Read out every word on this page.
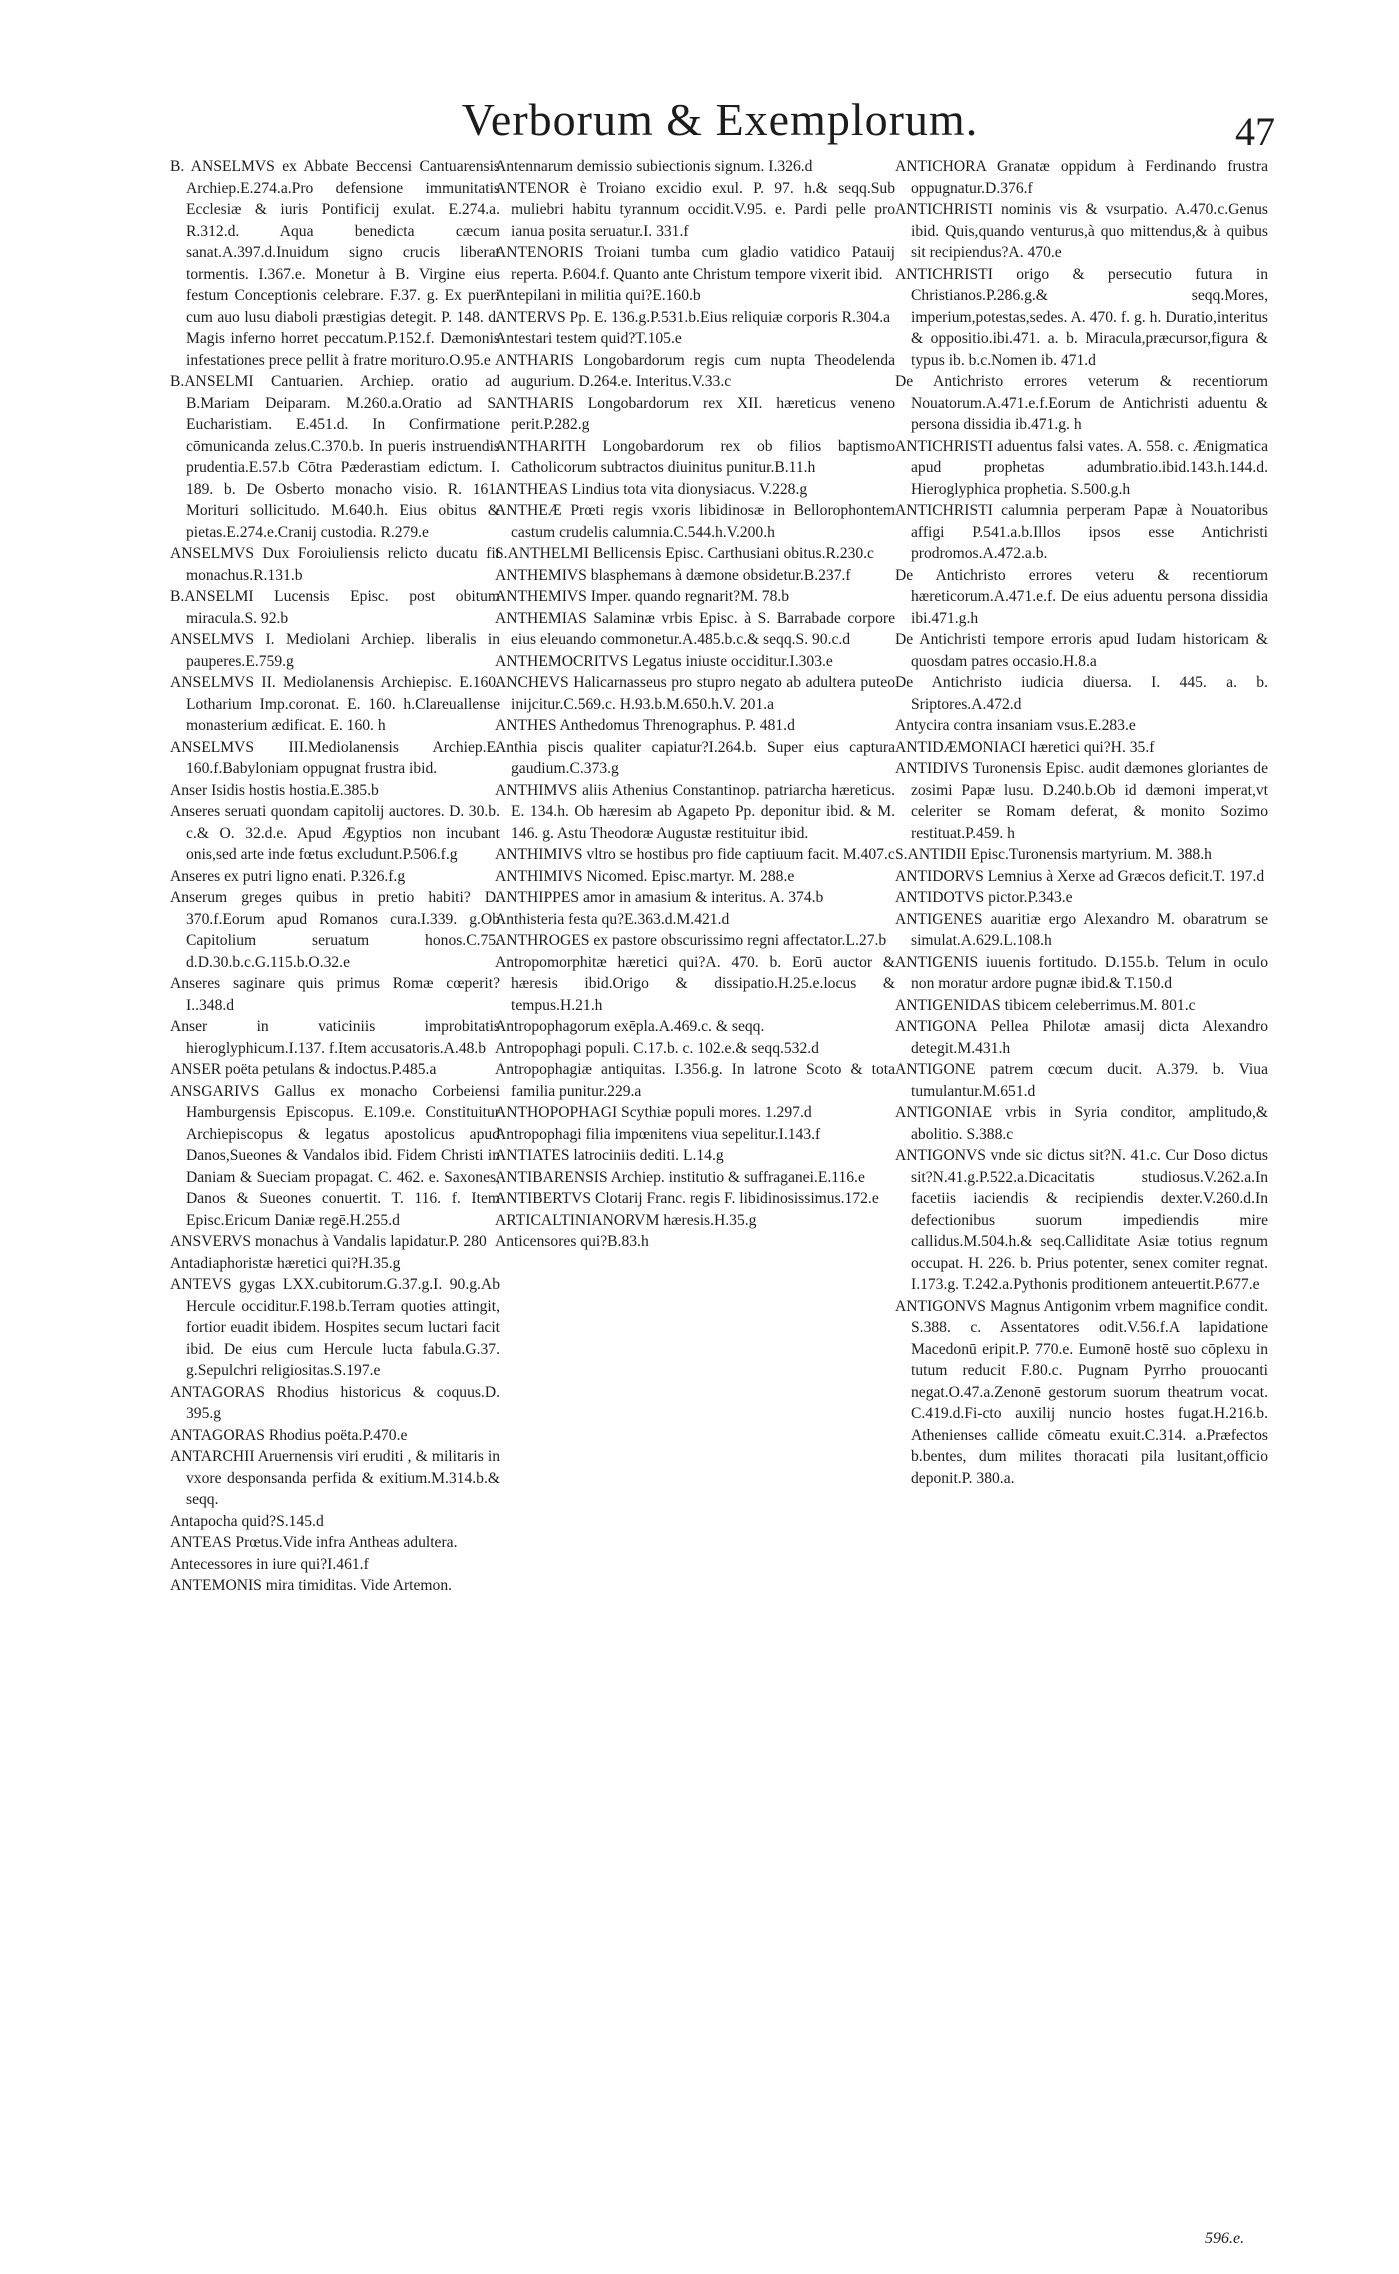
Verborum & Exemplorum.	47

B. ANSELMVS ex Abbate Beccensi Cantuarensis Archiep.E.274.a.Pro defensione immunitatis Ecclesiæ & iuris Pontificij exulat. E.274.a. R.312.d. Aqua benedicta cæcum sanat.A.397.d.Inuidum signo crucis liberat tormentis. I.367.e. Monetur à B. Virgine eius festum Conceptionis celebrare. F.37. g. Ex pueri cum auo lusu diaboli præstigias detegit. P. 148. d. Magis inferno horret peccatum.P.152.f. Dæmonis infestationes prece pellit à fratre morituro.O.95.e

B.ANSELMI Cantuarien. Archiep. oratio ad B.Mariam Deiparam. M.260.a.Oratio ad S. Eucharistiam. E.451.d. In Confirmatione cōmunicanda zelus.C.370.b. In pueris instruendis prudentia.E.57.b Cōtra Pæderastiam edictum. I. 189. b. De Osberto monacho visio. R. 161. Moriturі sollicitudo. M.640.h. Eius obitus & pietas.E.274.e.Cranij custodia. R.279.e

ANSELMVS Dux Foroiuliensis relicto ducatu fit monachus.R.131.b

B.ANSELMI Lucensis Episc. post obitum miracula.S. 92.b

ANSELMVS I. Mediolani Archiep. liberalis in pauperes.E.759.g

ANSELMVS II. Mediolanensis Archiepisc. E.160. Lotharium Imp.coronat. E. 160. h.Clareuallense monasterium ædificat. E. 160. h

ANSELMVS III.Mediolanensis Archiep.E. 160.f.Babyloniam oppugnat frustra ibid.

Anser Isidis hostis hostia.E.385.b

Anseres seruati quondam capitolij auctores. D. 30.b. c.& O. 32.d.e. Apud Ægyptios non incubant onis,sed arte inde fœtus excludunt.P.506.f.g

Anseres ex putri ligno enati. P.326.f.g

Anserum greges quibus in pretio habiti? D. 370.f.Eorum apud Romanos cura.I.339. g.Ob Capitolium seruatum honos.C.75. d.D.30.b.c.G.115.b.O.32.e

Anseres saginare quis primus Romæ cœperit?I..348.d

Anser in vaticiniis improbitatis hieroglyphicum.I.137. f.Item accusatoris.A.48.b

ANSER poëta petulans & indoctus.P.485.a

ANSGARIVS Gallus ex monacho Corbeiensi Hamburgensis Episcopus. E.109.e. Constituitur Archiepiscopus & legatus apostolicus apud Danos,Sueones & Vandalos ibid. Fidem Christi in Daniam & Sueciam propagat. C. 462. e. Saxones, Danos & Sueones conuertit. T. 116. f. Item Episc.Ericum Daniæ regē.H.255.d

ANSVERVS monachus à Vandalis lapidatur.P. 280

Antadiaphoristæ hæretici qui?H.35.g

ANTEVS gygas LXX.cubitorum.G.37.g.I. 90.g.Ab Hercule occiditur.F.198.b.Terram quoties attingit, fortior euadit ibidem. Hospites secum luctari facit ibid. De eius cum Hercule lucta fabula.G.37. g.Sepulchri religiositas.S.197.e

ANTAGORAS Rhodius historicus & coquus.D. 395.g

ANTAGORAS Rhodius poëta.P.470.e

ANTARCHII Aruernensis viri eruditi , & militaris in vxore desponsanda perfida & exitium.M.314.b.& seqq.

Antapocha quid?S.145.d

ANTEAS Prœtus.Vide infra Antheas adultera.

Antecessores in iure qui?I.461.f

ANTEMONIS mira timiditas. Vide Artemon.

Antennarum demissio subiectionis signum. I.326.d

ANTENOR è Troiano excidio exul. P. 97. h.& seqq.Sub muliebri habitu tyrannum occidit.V.95. e. Pardi pelle pro ianua posita seruatur.I. 331.f

ANTENORIS Troiani tumba cum gladio vatidico Patauij reperta. P.604.f. Quanto ante Christum tempore vixerit ibid.

Antepilani in militia qui?E.160.b

ANTERVS Pp. E. 136.g.P.531.b.Eius reliquiæ corporis R.304.a

Antestari testem quid?T.105.e

ANTHARIS Longobardorum regis cum nupta Theodelenda augurium. D.264.e. Interitus.V.33.c

ANTHARIS Longobardorum rex XII. hæreticus veneno perit.P.282.g

ANTHARITH Longobardorum rex ob filios baptismo Catholicorum subtractos diuinitus punitur.B.11.h

ANTHEAS Lindius tota vita dionysiacus. V.228.g

ANTHEÆ Prœti regis vxoris libidinosæ in Bellorophontem castum crudelis calumnia.C.544.h.V.200.h

S.ANTHELMI Bellicensis Episc. Carthusiani obitus.R.230.c

ANTHEMIVS blasphemans à dæmone obsidetur.B.237.f

ANTHEMIVS Imper. quando regnarit?M. 78.b

ANTHEMIAS Salaminæ vrbis Episc. à S. Barrabade corpore eius eleuando commonetur.A.485.b.c.& seqq.S. 90.c.d

ANTHEMOCRITVS Legatus iniuste occiditur.I.303.e

ANCHEVS Halicarnasseus pro stupro negato ab adultera puteo inijcitur.C.569.c. H.93.b.M.650.h.V. 201.a

ANTHES Anthedomus Threnographus. P. 481.d

Anthia piscis qualiter capiatur?I.264.b. Super eius captura gaudium.C.373.g

ANTHIMVS aliis Athenius Constantinop. patriarcha hæreticus. E. 134.h. Ob hæresim ab Agapeto Pp. deponitur ibid. & M. 146. g. Astu Theodoræ Augustæ restituitur ibid.

ANTHIMIVS vltro se hostibus pro fide captiuum facit. M.407.c

ANTHIMIVS Nicomed. Episc.martyr. M. 288.e

ANTHIPPES amor in amasium & interitus. A. 374.b

Anthisteria festa qu?E.363.d.M.421.d

ANTHROGES ex pastore obscurissimo regni affectator.L.27.b

Antropomorphitæ hæretici qui?A. 470. b. Eorū auctor & hæresis ibid.Origo & dissipatio.H.25.e.locus & tempus.H.21.h

Antropophagorum exēpla.A.469.c. & seqq.

Antropophagi populi. C.17.b. c. 102.e.& seqq.532.d

Antropophagiæ antiquitas. I.356.g. In latrone Scoto & tota familia punitur.229.a

ANTHOPOPHAGI Scythiæ populi mores. 1.297.d

Antropophagi filia impœnitens viua sepelitur.I.143.f

ANTIATES latrociniis dediti. L.14.g

ANTIBARENSIS Archiep. institutio & suffraganei.E.116.e

ANTIBERTVS Clotarij Franc. regis F. libidinosissimus.172.e

ARTICALTINIANORVM hæresis.H.35.g

Anticensores qui?B.83.h

ANTICHORA Granatæ oppidum à Ferdinando frustra oppugnatur.D.376.f

ANTICHRISTI nominis vis & vsurpatio. A.470.c.Genus ibid. Quis,quando venturus,à quo mittendus,& à quibus sit recipiendus?A. 470.e

ANTICHRISTI origo & persecutio futura in Christianos.P.286.g.& seqq.Mores, imperium,potestas,sedes. A. 470. f. g. h. Duratio,interitus & oppositio.ibi.471. a. b. Miracula,præcursor,figura & typus ib. b.c.Nomen ib. 471.d

De Antichristo errores veterum & recentiorum Nouatorum.A.471.e.f.Eorum de Antichristi aduentu & persona dissidia ib.471.g. h

ANTICHRISTI aduentus falsi vates. A. 558. c. Ænigmatica apud prophetas adumbratio.ibid.143.h.144.d. Hieroglyphica prophetia. S.500.g.h

ANTICHRISTI calumnia perperam Papæ à Nouatoribus affigi P.541.a.b.Illos ipsos esse Antichristi prodromos.A.472.a.b.

De Antichristo errores veteru & recentiorum hæreticorum.A.471.e.f. De eius aduentu persona dissidia ibi.471.g.h

De Antichristi tempore erroris apud Iudam historicam & quosdam patres occasio.H.8.a

De Antichristo iudicia diuersa. I. 445. a. b. Sriptores.A.472.d

Antycira contra insaniam vsus.E.283.e

ANTIDÆMONIACI hæretici qui?H. 35.f

ANTIDIVS Turonensis Episc. audit dæmones gloriantes de zosimi Papæ lusu. D.240.b.Ob id dæmoni imperat,vt celeriter se Romam deferat, & monito Sozimo restituat.P.459. h

S.ANTIDII Episc.Turonensis martyrium. M. 388.h

ANTIDORVS Lemnius à Xerxe ad Græcos deficit.T. 197.d

ANTIDOTVS pictor.P.343.e

ANTIGENES auaritiæ ergo Alexandro M. obaratrum se simulat.A.629.L.108.h

ANTIGENIS iuuenis fortitudo. D.155.b. Telum in oculo non moratur ardore pugnæ ibid.& T.150.d

ANTIGENIDAS tibicem celeberrimus.M. 801.c

ANTIGONA Pellea Philotæ amasij dicta Alexandro detegit.M.431.h

ANTIGONE patrem cœcum ducit. A.379. b. Viua tumulantur.M.651.d

ANTIGONIAE vrbis in Syria conditor, amplitudo,& abolitio. S.388.c

ANTIGONVS vnde sic dictus sit?N. 41.c. Cur Doso dictus sit?N.41.g.P.522.a.Dicacitatis studiosus.V.262.a.In facetiis iaciendis & recipiendis dexter.V.260.d.In defectionibus suorum impediendis mire callidus.M.504.h.& seq.Calliditate Asiæ totius regnum occupat. H. 226. b. Prius potenter, senex comiter regnat. I.173.g. T.242.a.Pythonis proditionem anteuertit.P.677.e

ANTIGONVS Magnus Antigonim vrbem magnifice condit. S.388. c. Assentatores odit.V.56.f.A lapidatione Macedonū eripit.P. 770.e. Eumonē hostē suo cōplexu in tutum reducit F.80.c. Pugnam Pyrrho prouocanti negat.O.47.a.Zenonē gestorum suorum theatrum vocat. C.419.d.Fi-cto auxilij nuncio hostes fugat.H.216.b. Athenienses callide cōmeatu exuit.C.314. a.Præfectos b.bentes, dum milites thoracati pila lusitant,officio deponit.P. 380.a.

596.e.
